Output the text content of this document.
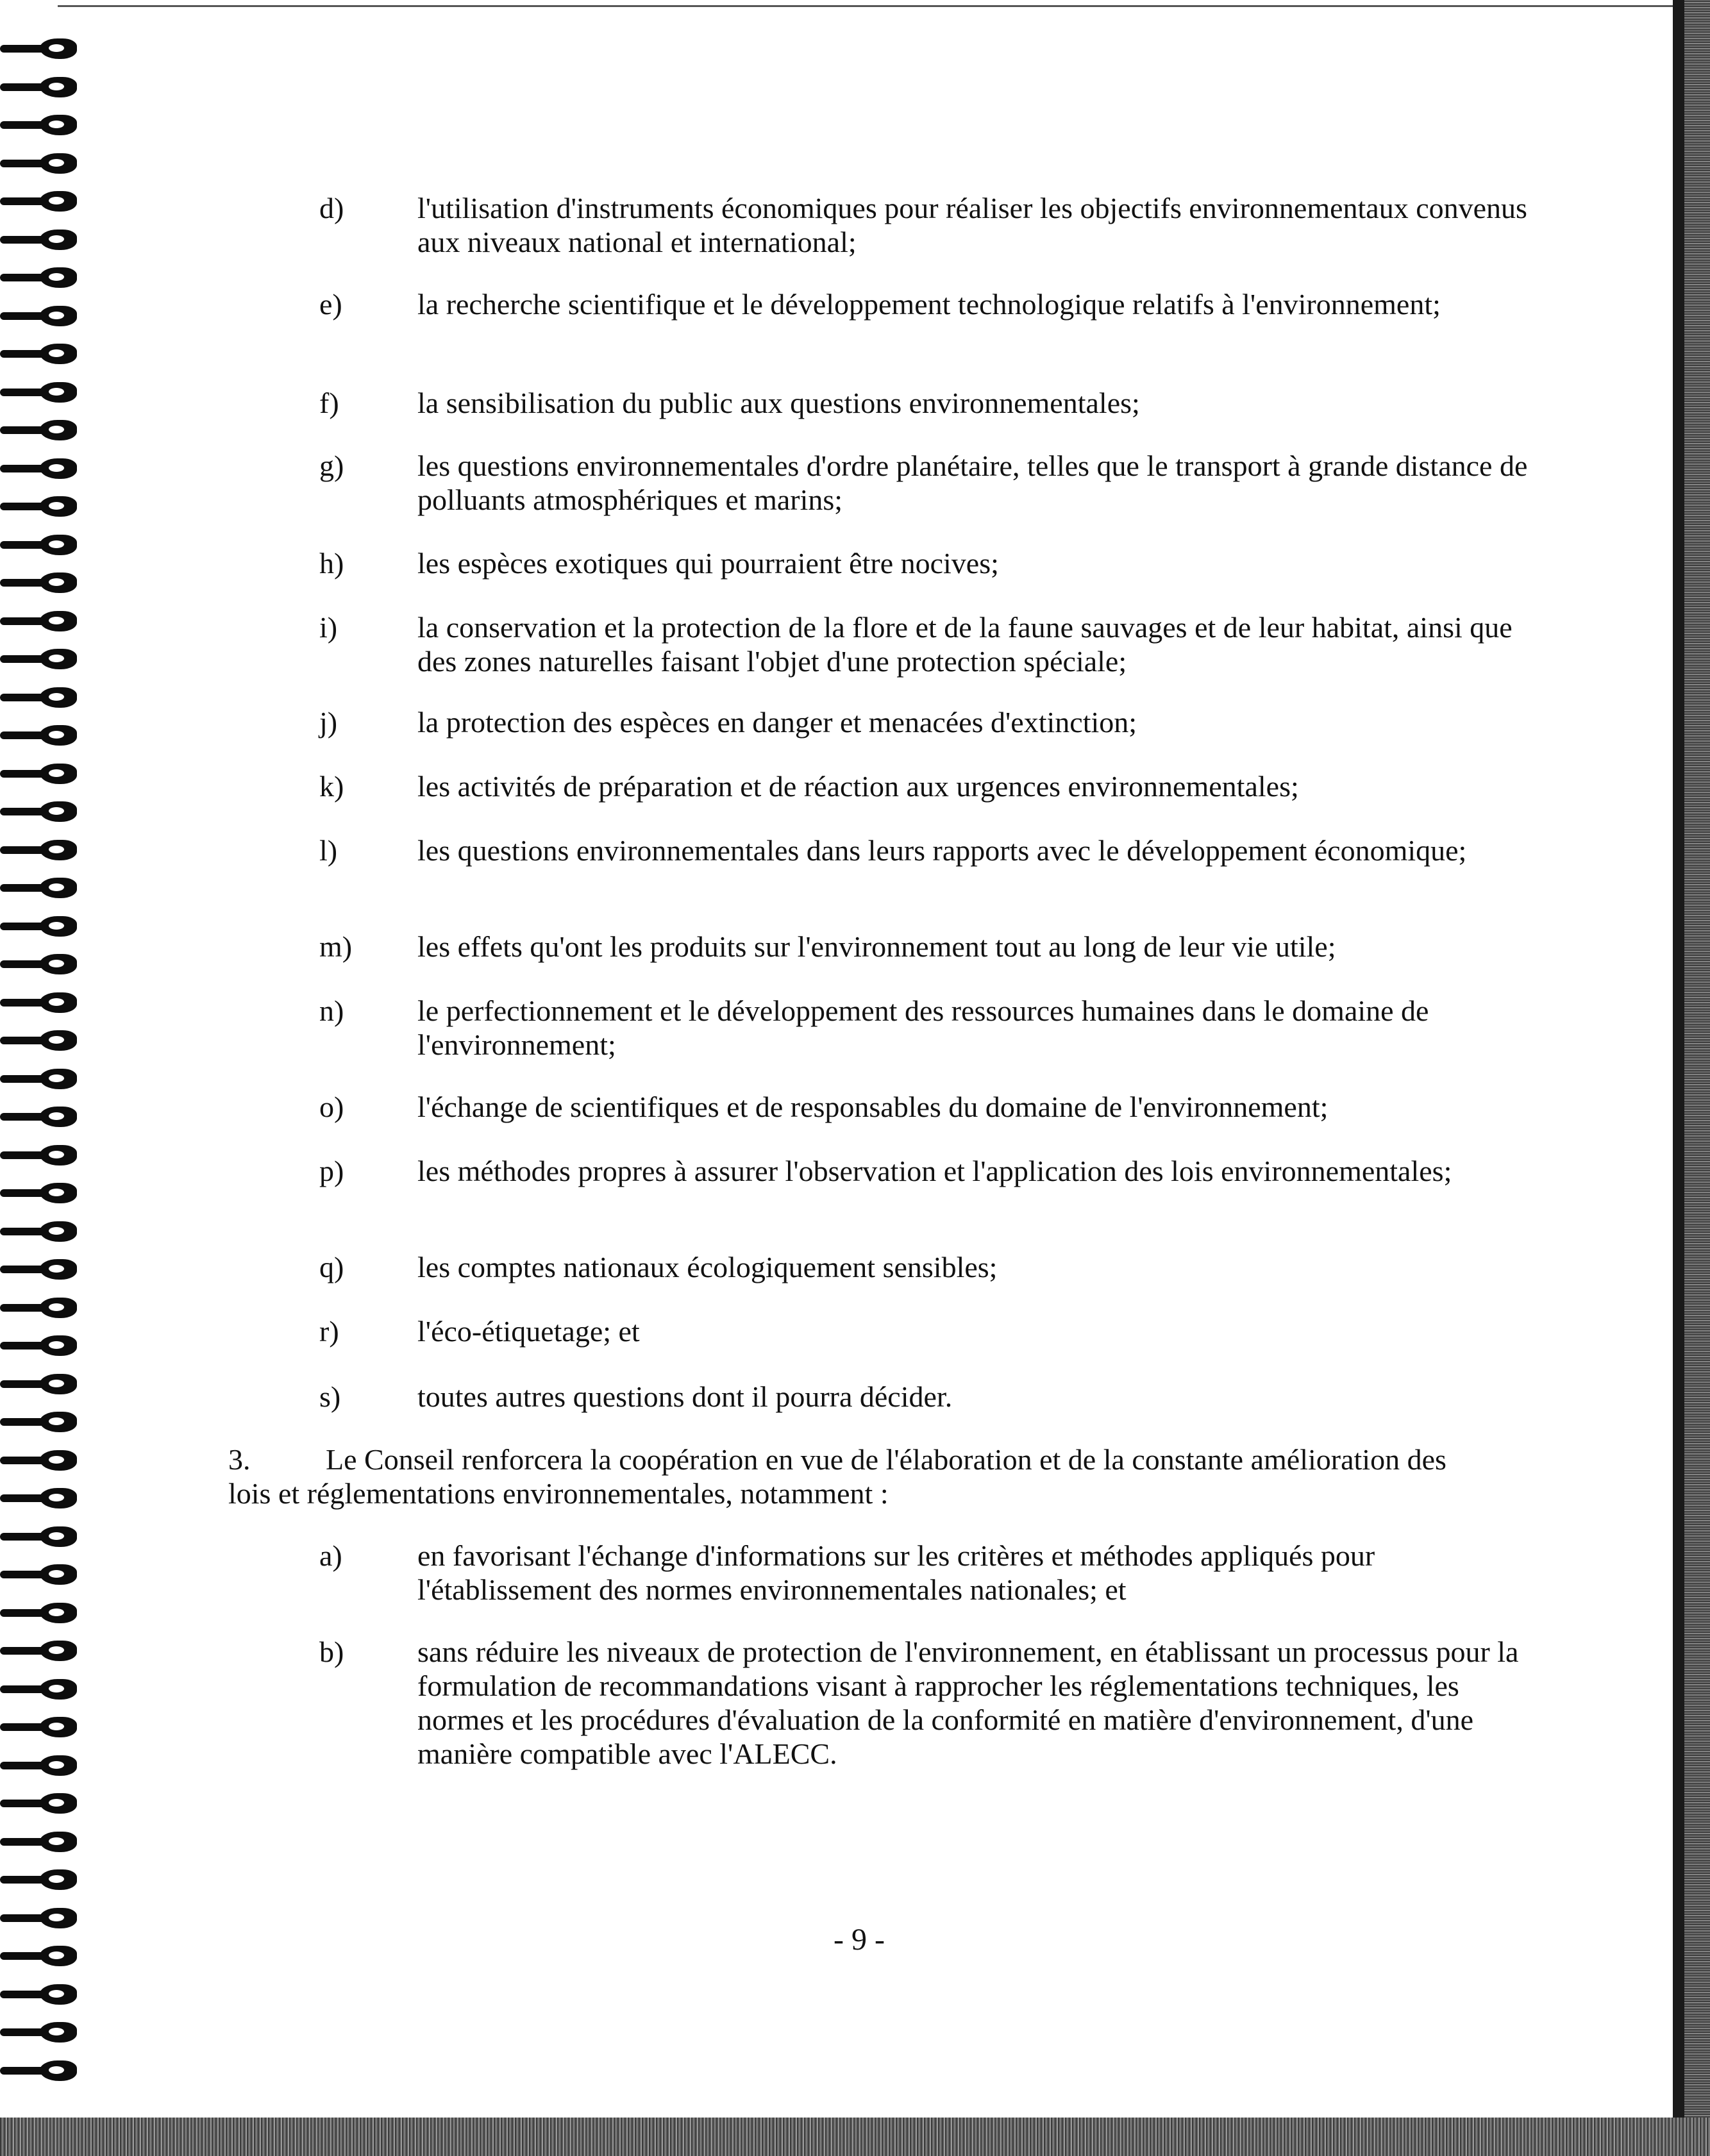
d) l'utilisation d'instruments économiques pour réaliser les objectifs environnementaux convenus aux niveaux national et international;
e)	la recherche scientifique et le développement technologique relatifs à l'environnement;
f)	la sensibilisation du public aux questions environnementales;
g) les questions environnementales d'ordre planétaire, telles que le transport à grande distance de polluants atmosphériques et marins;
h) les espèces exotiques qui pourraient être nocives;
i)	la conservation et la protection de la flore et de la faune sauvages et de leur habitat, ainsi que des zones naturelles faisant l'objet d'une protection spéciale;
j)	la protection des espèces en danger et menacées d'extinction;
k) les activités de préparation et de réaction aux urgences environnementales;
l)	les questions environnementales dans leurs rapports avec le développement économique;
m) les effets qu'ont les produits sur l'environnement tout au long de leur vie utile;
n) le perfectionnement et le développement des ressources humaines dans le domaine de l'environnement;
o) l'échange de scientifiques et de responsables du domaine de l'environnement;
p) les méthodes propres à assurer l'observation et l'application des lois environnementales;
q) les comptes nationaux écologiquement sensibles;
r)	l'éco-étiquetage; et
s)	toutes autres questions dont il pourra décider.
3.	Le Conseil renforcera la coopération en vue de l'élaboration et de la constante amélioration des lois et réglementations environnementales, notamment :
a)	en favorisant l'échange d'informations sur les critères et méthodes appliqués pour l'établissement des normes environnementales nationales; et
b) sans réduire les niveaux de protection de l'environnement, en établissant un processus pour la formulation de recommandations visant à rapprocher les réglementations techniques, les normes et les procédures d'évaluation de la conformité en matière d'environnement, d'une manière compatible avec l'ALECC.
- 9 -
